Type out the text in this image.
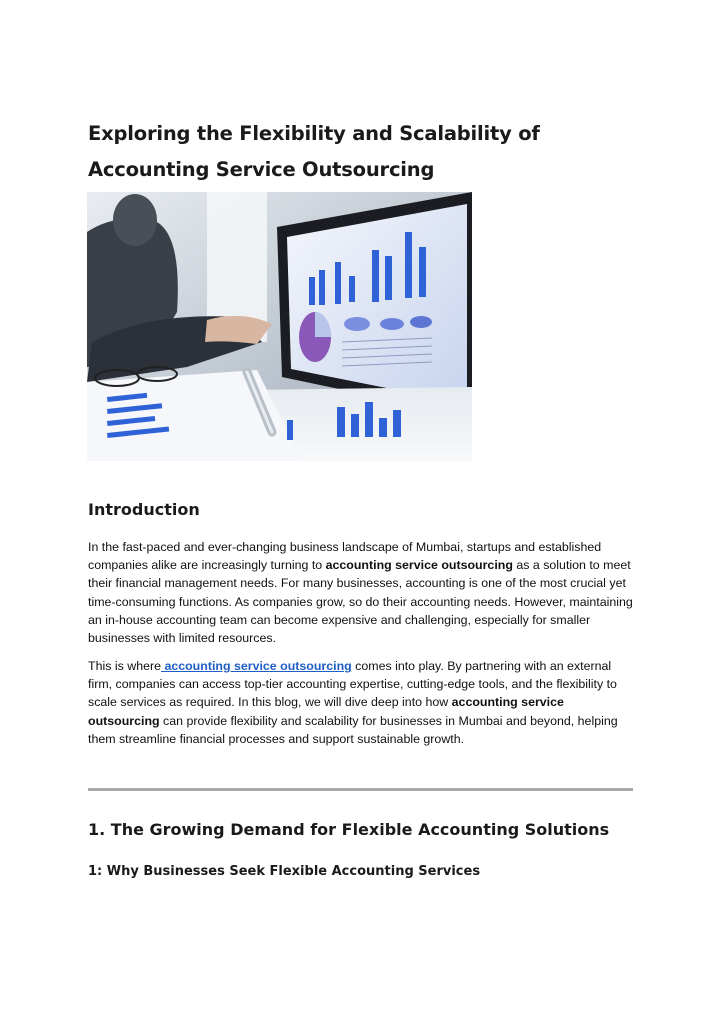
Exploring the Flexibility and Scalability of Accounting Service Outsourcing
Introduction

In the fast-paced and ever-changing business landscape of Mumbai, startups and established companies alike are increasingly turning to accounting service outsourcing as a solution to meet their financial management needs. For many businesses, accounting is one of the most crucial yet time-consuming functions. As companies grow, so do their accounting needs. However, maintaining an in-house accounting team can become expensive and challenging, especially for smaller businesses with limited resources.

This is where accounting service outsourcing comes into play. By partnering with an external firm, companies can access top-tier accounting expertise, cutting-edge tools, and the flexibility to scale services as required. In this blog, we will dive deep into how accounting service outsourcing can provide flexibility and scalability for businesses in Mumbai and beyond, helping them streamline financial processes and support sustainable growth.

1. The Growing Demand for Flexible Accounting Solutions
1: Why Businesses Seek Flexible Accounting Services
